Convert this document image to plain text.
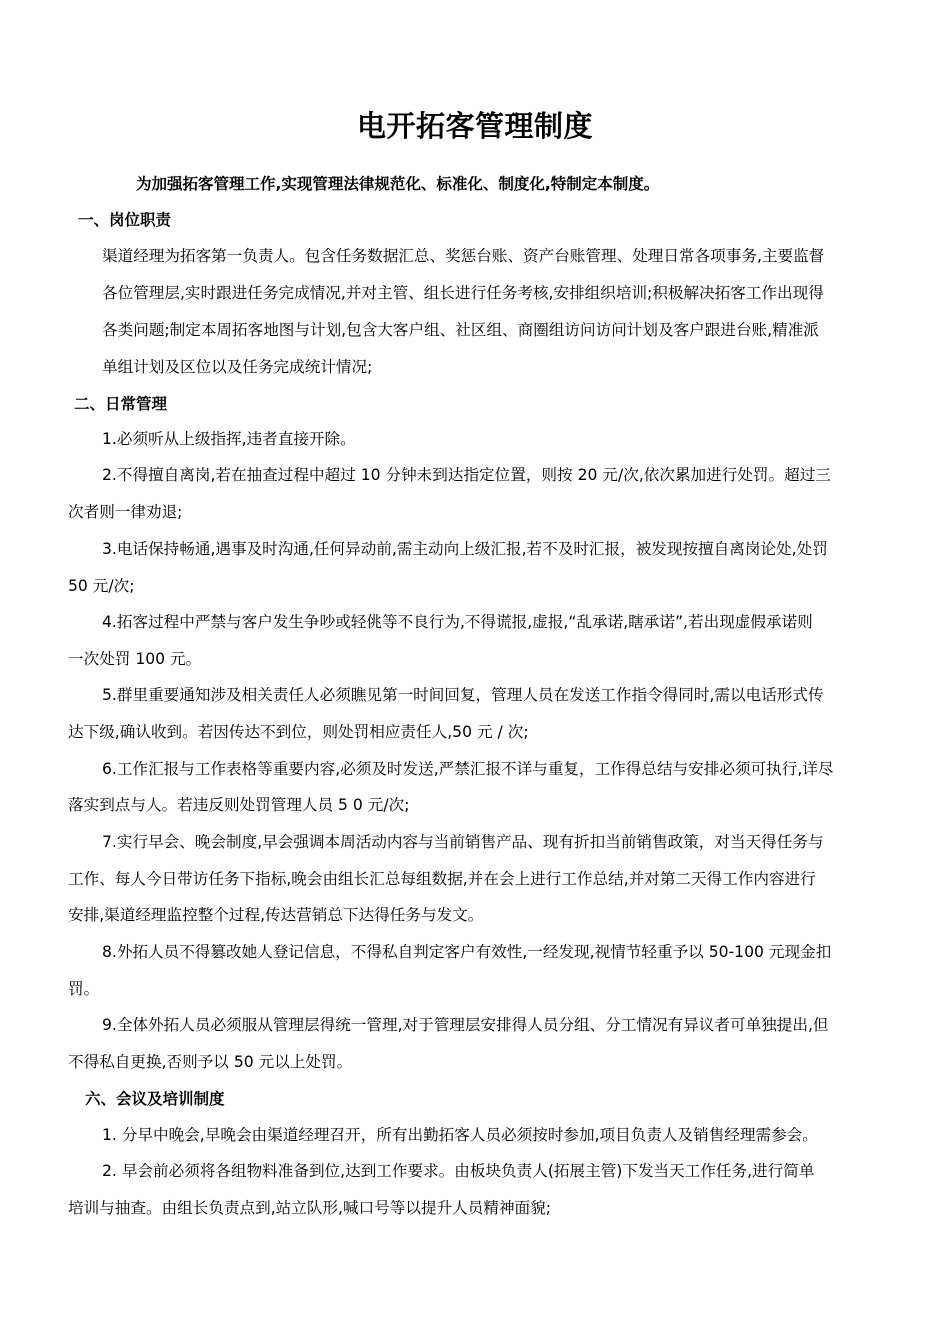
电开拓客管理制度
为加强拓客管理工作,实现管理法律规范化、标准化、制度化,特制定本制度。
一、岗位职责
渠道经理为拓客第一负责人。包含任务数据汇总、奖惩台账、资产台账管理、处理日常各项事务,主要监督
各位管理层,实时跟进任务完成情况,并对主管、组长进行任务考核,安排组织培训;积极解决拓客工作出现得
各类问题;制定本周拓客地图与计划,包含大客户组、社区组、商圈组访问访问计划及客户跟进台账,精准派
单组计划及区位以及任务完成统计情况;
二、日常管理
1.必须听从上级指挥,违者直接开除。
2.不得擅自离岗,若在抽查过程中超过 10 分钟未到达指定位置，则按 20 元/次,依次累加进行处罚。超过三
次者则一律劝退;
3.电话保持畅通,遇事及时沟通,任何异动前,需主动向上级汇报,若不及时汇报，被发现按擅自离岗论处,处罚
50 元/次;
4.拓客过程中严禁与客户发生争吵或轻佻等不良行为,不得谎报,虚报,“乱承诺,瞎承诺”,若出现虚假承诺则
一次处罚 100 元。
5.群里重要通知涉及相关责任人必须瞧见第一时间回复，管理人员在发送工作指令得同时,需以电话形式传
达下级,确认收到。若因传达不到位，则处罚相应责任人,50 元 / 次;
6.工作汇报与工作表格等重要内容,必须及时发送,严禁汇报不详与重复，工作得总结与安排必须可执行,详尽
落实到点与人。若违反则处罚管理人员 5 0 元/次;
7.实行早会、晚会制度,早会强调本周活动内容与当前销售产品、现有折扣当前销售政策，对当天得任务与
工作、每人今日带访任务下指标,晚会由组长汇总每组数据,并在会上进行工作总结,并对第二天得工作内容进行
安排,渠道经理监控整个过程,传达营销总下达得任务与发文。
8.外拓人员不得篡改她人登记信息，不得私自判定客户有效性,一经发现,视情节轻重予以 50-100 元现金扣
罚。
9.全体外拓人员必须服从管理层得统一管理,对于管理层安排得人员分组、分工情况有异议者可单独提出,但
不得私自更换,否则予以 50 元以上处罚。
六、会议及培训制度
1. 分早中晚会,早晚会由渠道经理召开，所有出勤拓客人员必须按时参加,项目负责人及销售经理需参会。
2. 早会前必须将各组物料准备到位,达到工作要求。由板块负责人(拓展主管)下发当天工作任务,进行简单
培训与抽查。由组长负责点到,站立队形,喊口号等以提升人员精神面貌;
